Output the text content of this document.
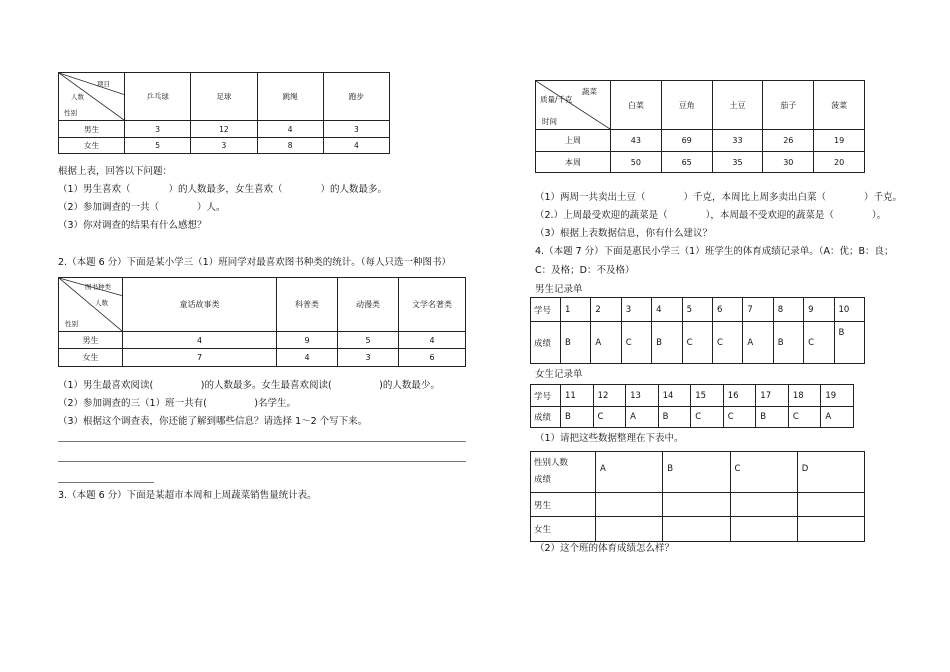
项目
人数
性别	乒乓球	足球	跳绳	跑步
男生	3	12	4	3
女生	5	3	8	4
根据上表，回答以下问题：
（1）男生喜欢（　　　　）的人数最多，女生喜欢（　　　　）的人数最多。
（2）参加调查的一共（　　　　）人。
（3）你对调查的结果有什么感想？
2.（本题 6 分）下面是某小学三（1）班同学对最喜欢图书种类的统计。（每人只选一种图书）
图书种类
人数
性别	童话故事类	科普类	动漫类	文学名著类
男生	4	9	5	4
女生	7	4	3	6
（1）男生最喜欢阅读(　　　　　)的人数最多。女生最喜欢阅读(　　　　　)的人数最少。
（2）参加调查的三（1）班一共有(　　　　　)名学生。
（3）根据这个调查表，你还能了解到哪些信息？请选择 1～2 个写下来。
3.（本题 6 分）下面是某超市本周和上周蔬菜销售量统计表。
蔬菜
质量/千克
时间	白菜	豆角	土豆	茄子	菠菜
上周	43	69	33	26	19
本周	50	65	35	30	20
（1）两周一共卖出土豆（　　　　）千克，本周比上周多卖出白菜（　　　　）千克。
（2.）上周最受欢迎的蔬菜是（　　　　），本周最不受欢迎的蔬菜是（　　　　）。
（3）根据上表数据信息，你有什么建议？
4.（本题 7 分）下面是惠民小学三（1）班学生的体育成绩记录单。（A：优；B：良；
C：及格；D：不及格）
男生记录单
学号	1	2	3	4	5	6	7	8	9	10
成绩	B	A	C	B	C	C	A	B	C	B
女生记录单
学号	11	12	13	14	15	16	17	18	19
成绩	B	C	A	B	C	C	B	C	A
（1）请把这些数据整理在下表中。
性别人数
成绩	A	B	C	D
男生				
女生				
（2）这个班的体育成绩怎么样？
